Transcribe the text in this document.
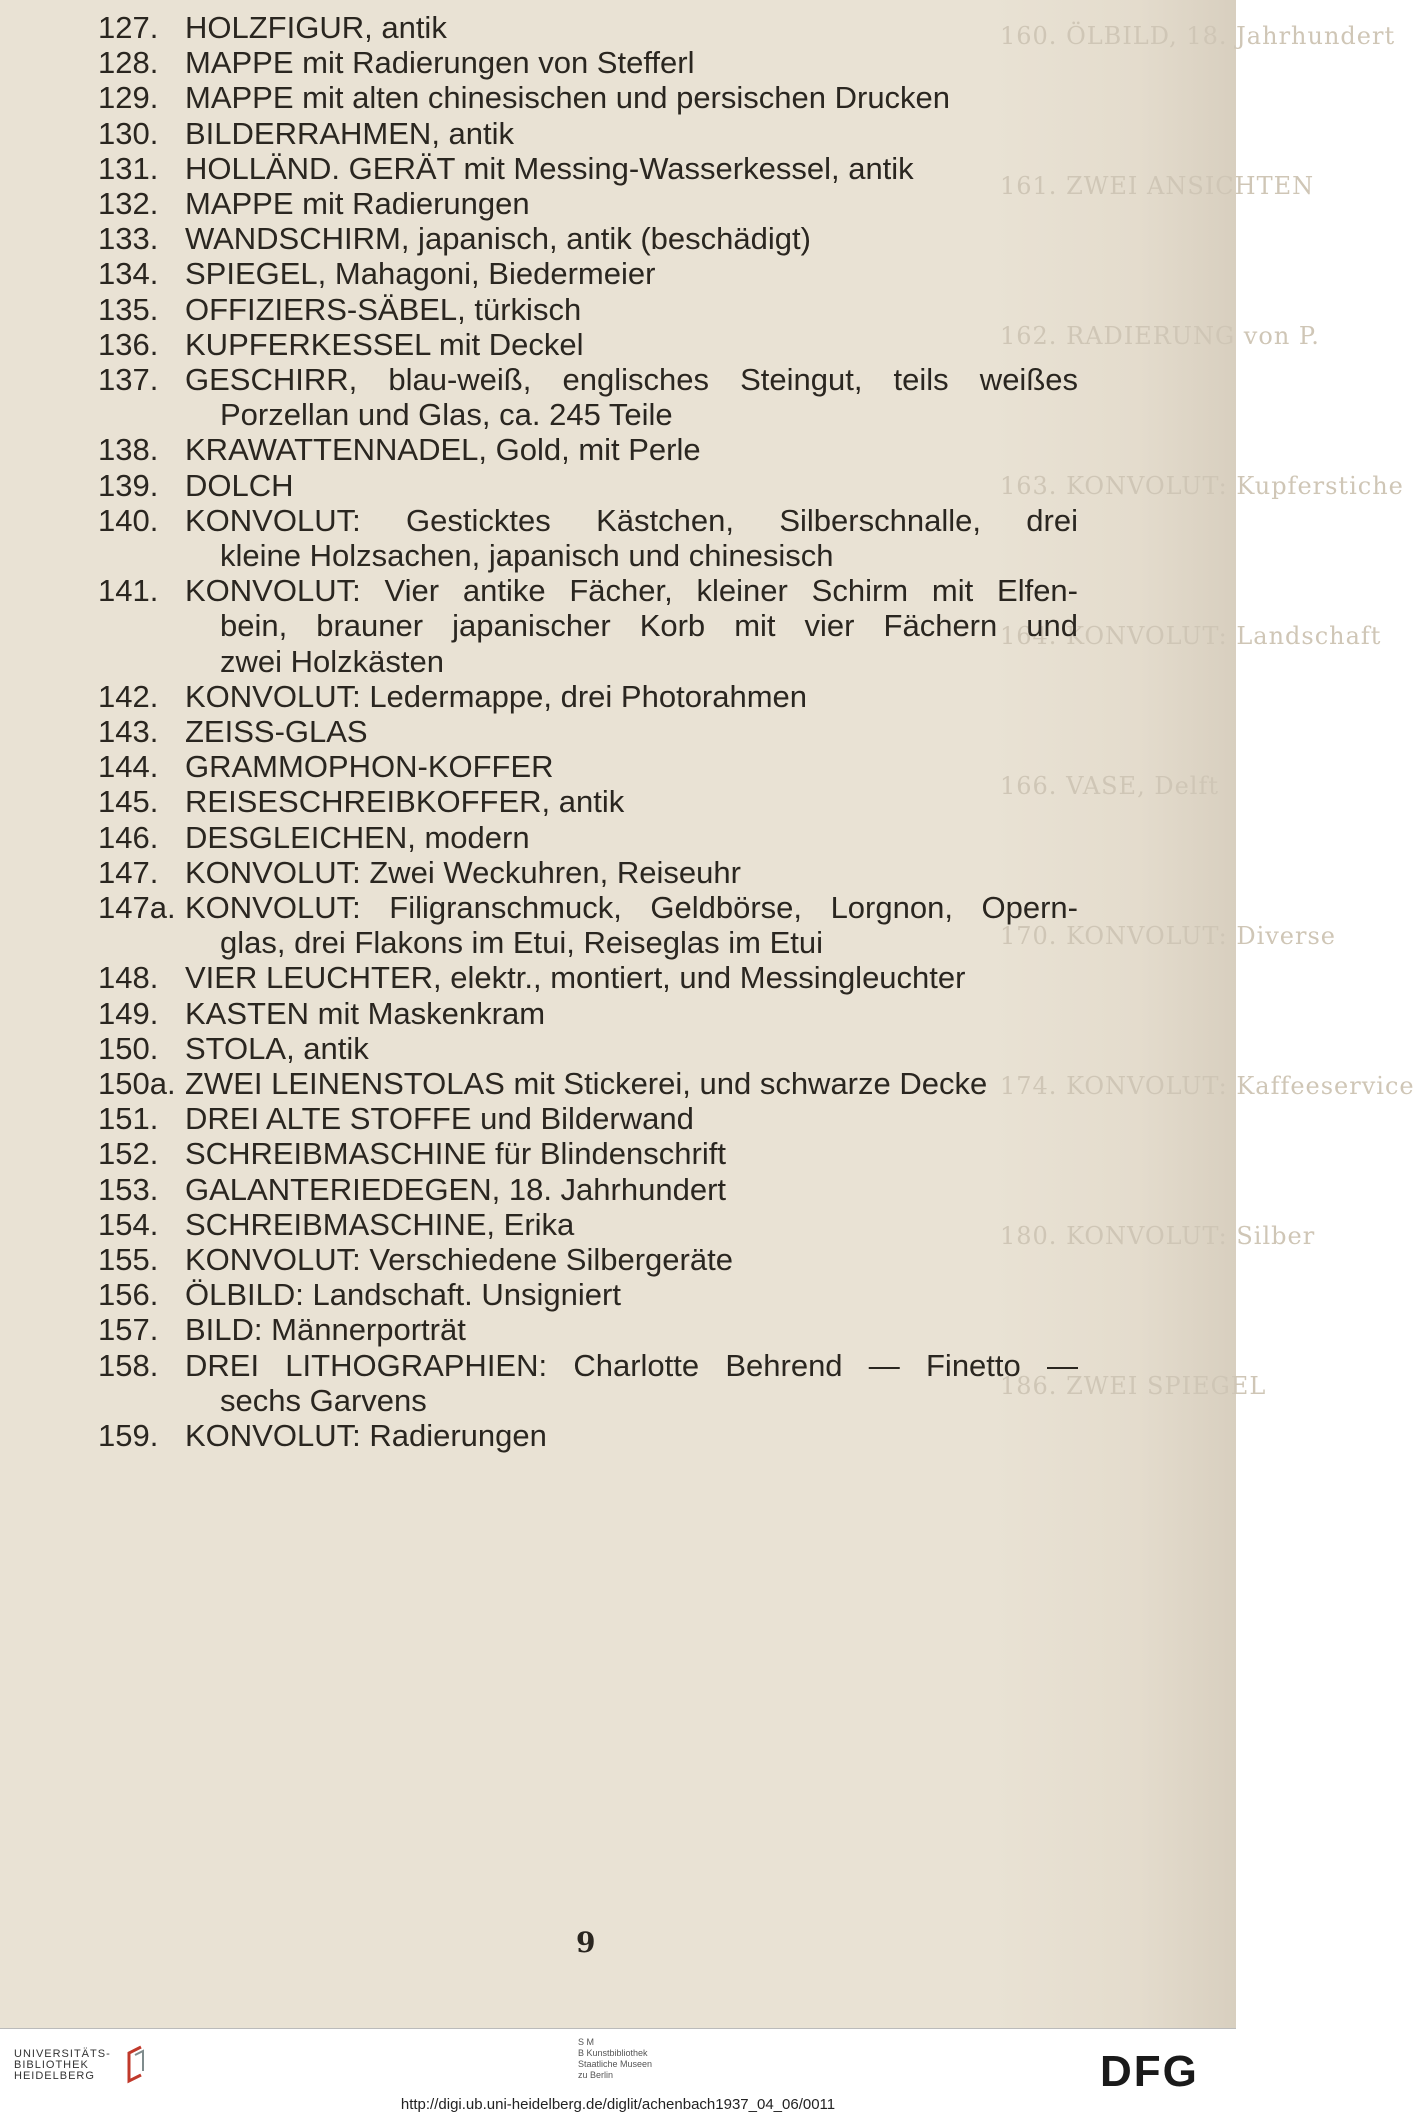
160. ÖLBILD, 18. Jahrhundert
161. ZWEI ANSICHTEN
162. RADIERUNG von P.
163. KONVOLUT: Kupferstiche
164. KONVOLUT: Landschaft
166. VASE, Delft
170. KONVOLUT: Diverse
174. KONVOLUT: Kaffeeservice
180. KONVOLUT: Silber
186. ZWEI SPIEGEL
127. HOLZFIGUR, antik
128. MAPPE mit Radierungen von Stefferl
129. MAPPE mit alten chinesischen und persischen Drucken
130. BILDERRAHMEN, antik
131. HOLLÄND. GERÄT mit Messing-Wasserkessel, antik
132. MAPPE mit Radierungen
133. WANDSCHIRM, japanisch, antik (beschädigt)
134. SPIEGEL, Mahagoni, Biedermeier
135. OFFIZIERS-SÄBEL, türkisch
136. KUPFERKESSEL mit Deckel
137. GESCHIRR, blau-weiß, englisches Steingut, teils weißes
Porzellan und Glas, ca. 245 Teile
138. KRAWATTENNADEL, Gold, mit Perle
139. DOLCH
140. KONVOLUT: Gesticktes Kästchen, Silberschnalle, drei
kleine Holzsachen, japanisch und chinesisch
141. KONVOLUT: Vier antike Fächer, kleiner Schirm mit Elfen-
bein, brauner japanischer Korb mit vier Fächern und
zwei Holzkästen
142. KONVOLUT: Ledermappe, drei Photorahmen
143. ZEISS-GLAS
144. GRAMMOPHON-KOFFER
145. REISESCHREIBKOFFER, antik
146. DESGLEICHEN, modern
147. KONVOLUT: Zwei Weckuhren, Reiseuhr
147a. KONVOLUT: Filigranschmuck, Geldbörse, Lorgnon, Opern-
glas, drei Flakons im Etui, Reiseglas im Etui
148. VIER LEUCHTER, elektr., montiert, und Messingleuchter
149. KASTEN mit Maskenkram
150. STOLA, antik
150a. ZWEI LEINENSTOLAS mit Stickerei, und schwarze Decke
151. DREI ALTE STOFFE und Bilderwand
152. SCHREIBMASCHINE für Blindenschrift
153. GALANTERIEDEGEN, 18. Jahrhundert
154. SCHREIBMASCHINE, Erika
155. KONVOLUT: Verschiedene Silbergeräte
156. ÖLBILD: Landschaft. Unsigniert
157. BILD: Männerporträt
158. DREI LITHOGRAPHIEN: Charlotte Behrend — Finetto —
sechs Garvens
159. KONVOLUT: Radierungen
9
UNIVERSITÄTS-
BIBLIOTHEK
HEIDELBERG
S M
B Kunstbibliothek
Staatliche Museen
zu Berlin	DFG
http://digi.ub.uni-heidelberg.de/diglit/achenbach1937_04_06/0011
